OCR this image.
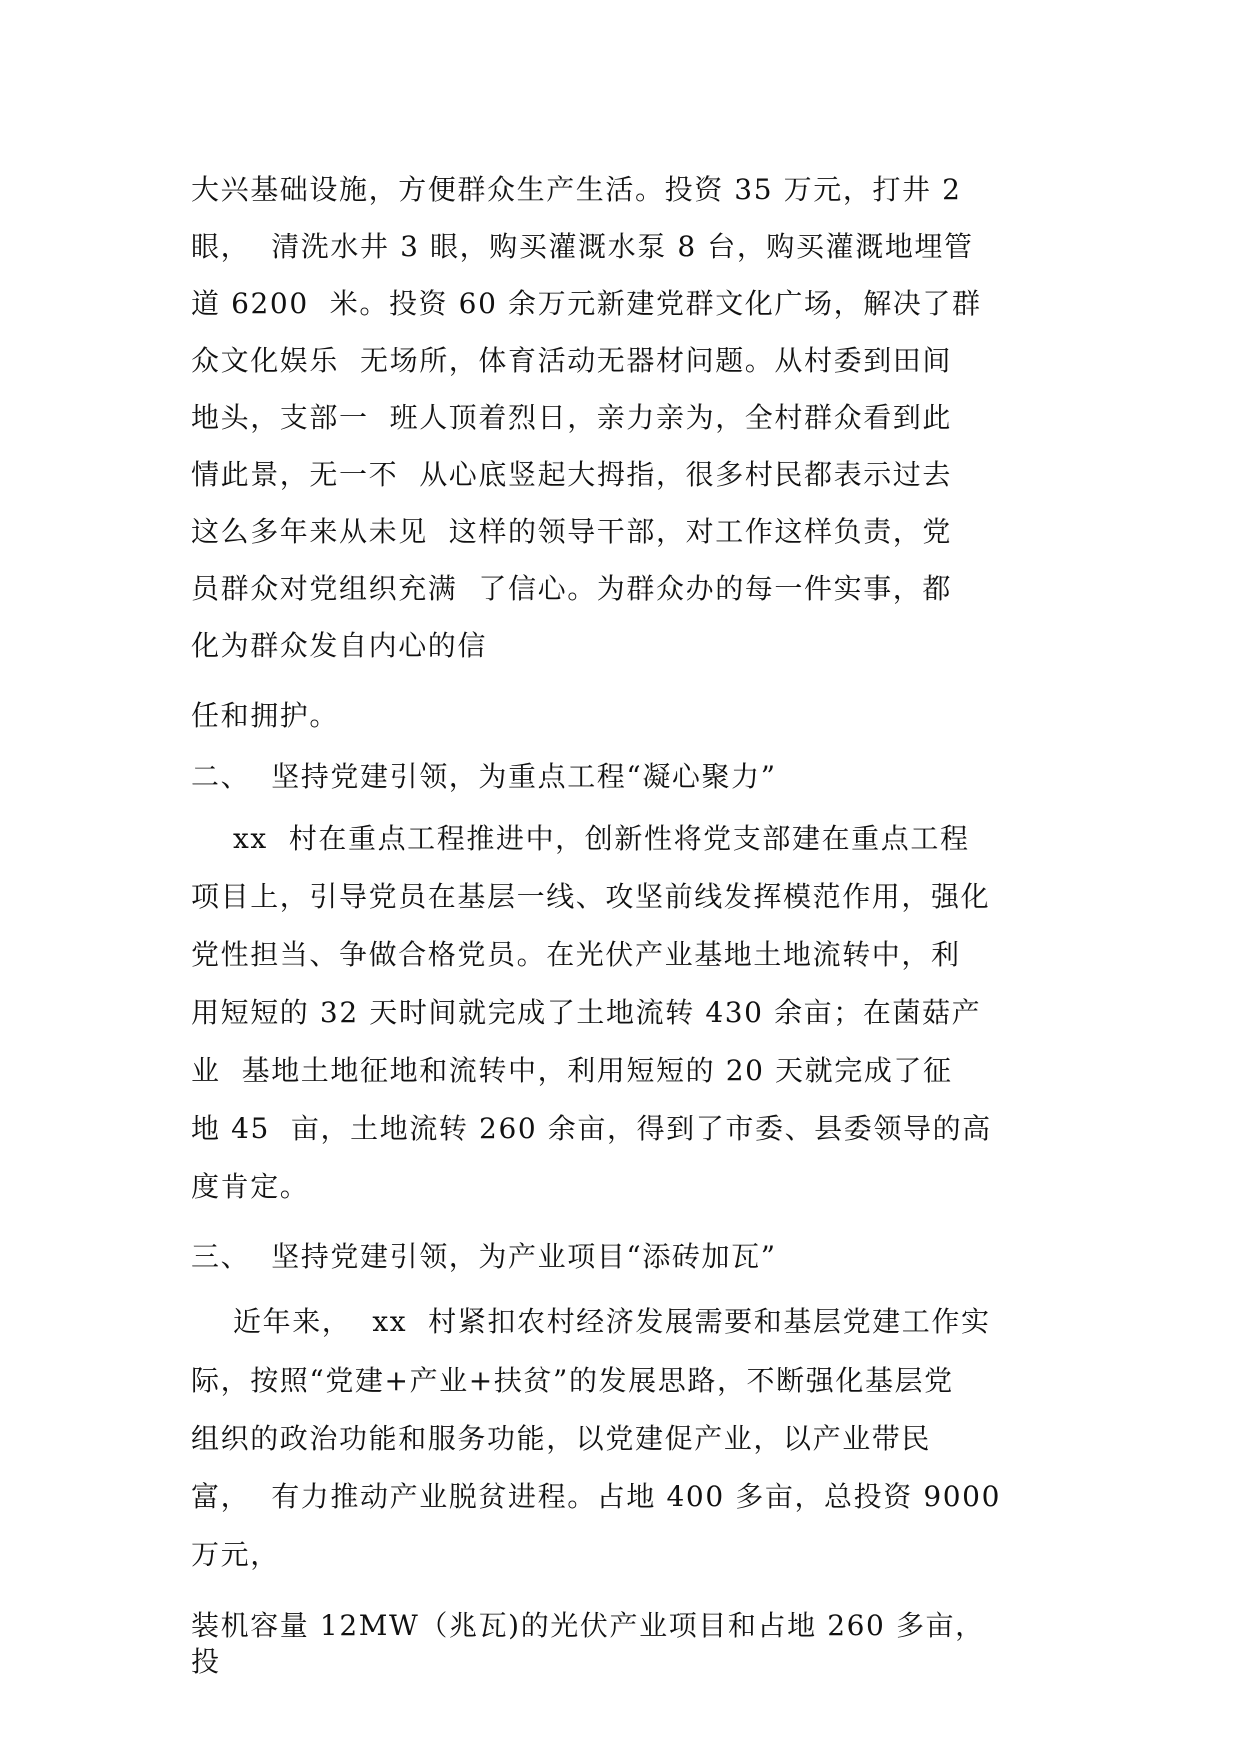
大兴基础设施，方便群众生产生活。投资 35 万元，打井 2
眼，  清洗水井 3 眼，购买灌溉水泵 8 台，购买灌溉地埋管
道 6200  米。投资 60 余万元新建党群文化广场，解决了群
众文化娱乐  无场所，体育活动无器材问题。从村委到田间
地头，支部一  班人顶着烈日，亲力亲为，全村群众看到此
情此景，无一不  从心底竖起大拇指，很多村民都表示过去
这么多年来从未见  这样的领导干部，对工作这样负责，党
员群众对党组织充满  了信心。为群众办的每一件实事，都
化为群众发自内心的信
任和拥护。
二、  坚持党建引领，为重点工程“凝心聚力”
xx  村在重点工程推进中，创新性将党支部建在重点工程
项目上，引导党员在基层一线、攻坚前线发挥模范作用，强化
党性担当、争做合格党员。在光伏产业基地土地流转中，利
用短短的 32 天时间就完成了土地流转 430 余亩；在菌菇产
业  基地土地征地和流转中，利用短短的 20 天就完成了征
地 45  亩，土地流转 260 余亩，得到了市委、县委领导的高
度肯定。
三、  坚持党建引领，为产业项目“添砖加瓦”
近年来，  xx  村紧扣农村经济发展需要和基层党建工作实
际，按照“党建+产业+扶贫”的发展思路，不断强化基层党
组织的政治功能和服务功能，以党建促产业，以产业带民
富，  有力推动产业脱贫进程。占地 400 多亩，总投资 9000
万元，
装机容量 12MW（兆瓦)的光伏产业项目和占地 260 多亩，
投
